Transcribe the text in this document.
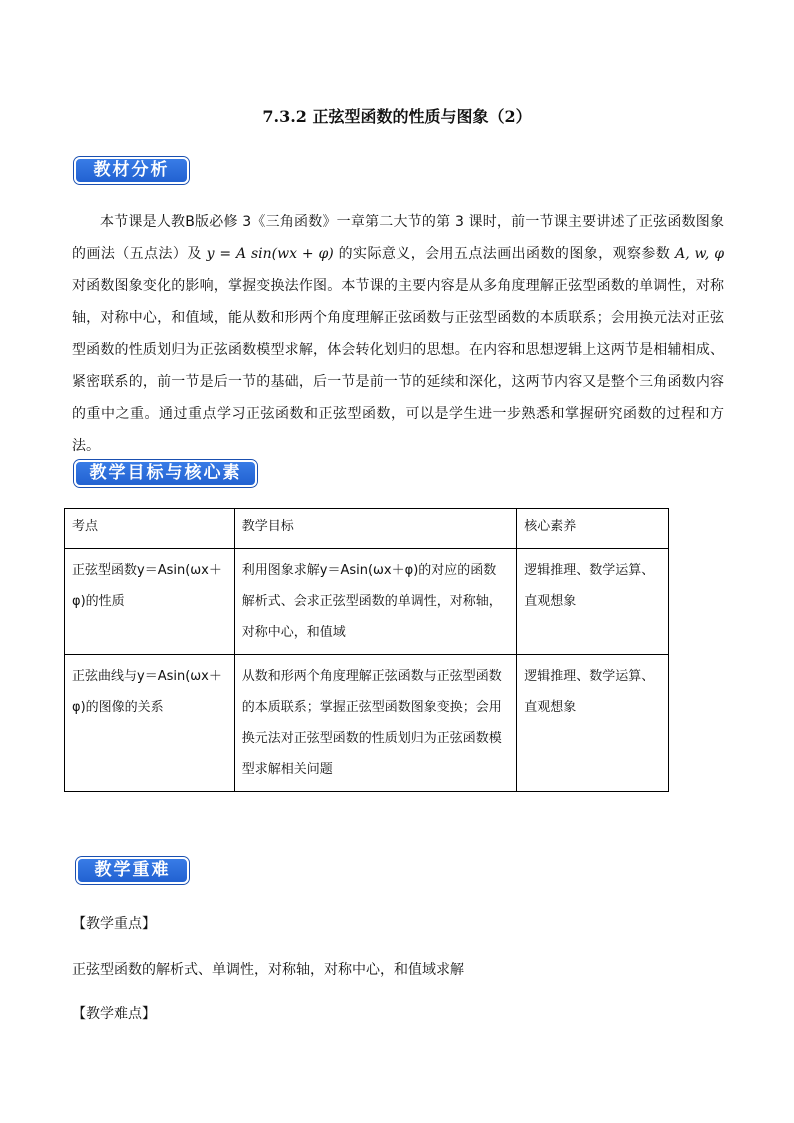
7.3.2 正弦型函数的性质与图象（2）
教材分析

本节课是人教B版必修 3《三角函数》一章第二大节的第 3 课时，前一节课主要讲述了正弦函数图象的画法（五点法）及 y = A sin(wx + φ) 的实际意义，会用五点法画出函数的图象，观察参数 A, w, φ 对函数图象变化的影响，掌握变换法作图。本节课的主要内容是从多角度理解正弦型函数的单调性，对称轴，对称中心，和值域，能从数和形两个角度理解正弦函数与正弦型函数的本质联系；会用换元法对正弦型函数的性质划归为正弦函数模型求解，体会转化划归的思想。在内容和思想逻辑上这两节是相辅相成、紧密联系的，前一节是后一节的基础，后一节是前一节的延续和深化，这两节内容又是整个三角函数内容的重中之重。通过重点学习正弦函数和正弦型函数，可以是学生进一步熟悉和掌握研究函数的过程和方法。

教学目标与核心素养
考点	教学目标	核心素养
正弦型函数y＝Asin(ωx＋φ)的性质	利用图象求解y＝Asin(ωx＋φ)的对应的函数解析式、会求正弦型函数的单调性，对称轴，对称中心，和值域	逻辑推理、数学运算、直观想象
正弦曲线与y＝Asin(ωx＋φ)的图像的关系	从数和形两个角度理解正弦函数与正弦型函数的本质联系；掌握正弦型函数图象变换；会用换元法对正弦型函数的性质划归为正弦函数模型求解相关问题	逻辑推理、数学运算、直观想象
教学重难点
【教学重点】
正弦型函数的解析式、单调性，对称轴，对称中心，和值域求解
【教学难点】
